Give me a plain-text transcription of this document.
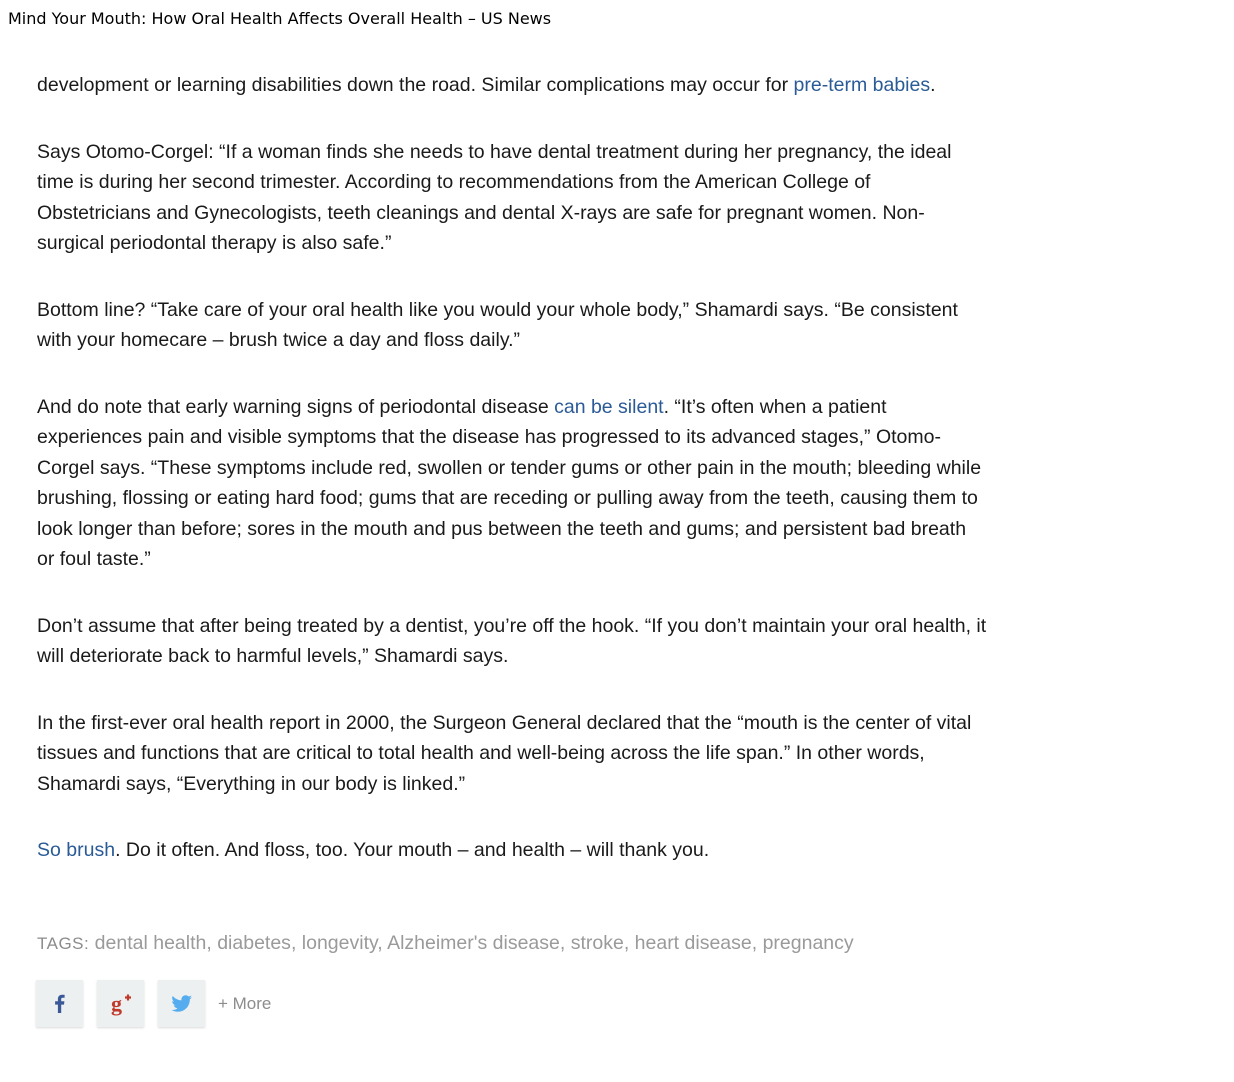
Mind Your Mouth: How Oral Health Affects Overall Health – US News

development or learning disabilities down the road. Similar complications may occur for pre-term babies.

Says Otomo-Corgel: “If a woman finds she needs to have dental treatment during her pregnancy, the ideal time is during her second trimester. According to recommendations from the American College of Obstetricians and Gynecologists, teeth cleanings and dental X-rays are safe for pregnant women. Non-surgical periodontal therapy is also safe.”

Bottom line? “Take care of your oral health like you would your whole body,” Shamardi says. “Be consistent with your homecare – brush twice a day and floss daily.”

And do note that early warning signs of periodontal disease can be silent. “It’s often when a patient experiences pain and visible symptoms that the disease has progressed to its advanced stages,” Otomo-Corgel says. “These symptoms include red, swollen or tender gums or other pain in the mouth; bleeding while brushing, flossing or eating hard food; gums that are receding or pulling away from the teeth, causing them to look longer than before; sores in the mouth and pus between the teeth and gums; and persistent bad breath or foul taste.”

Don’t assume that after being treated by a dentist, you’re off the hook. “If you don’t maintain your oral health, it will deteriorate back to harmful levels,” Shamardi says.

In the first-ever oral health report in 2000, the Surgeon General declared that the “mouth is the center of vital tissues and functions that are critical to total health and well-being across the life span.” In other words, Shamardi says, “Everything in our body is linked.”

So brush. Do it often. And floss, too. Your mouth – and health – will thank you.

TAGS: dental health, diabetes, longevity, Alzheimer's disease, stroke, heart disease, pregnancy
g	+ More
